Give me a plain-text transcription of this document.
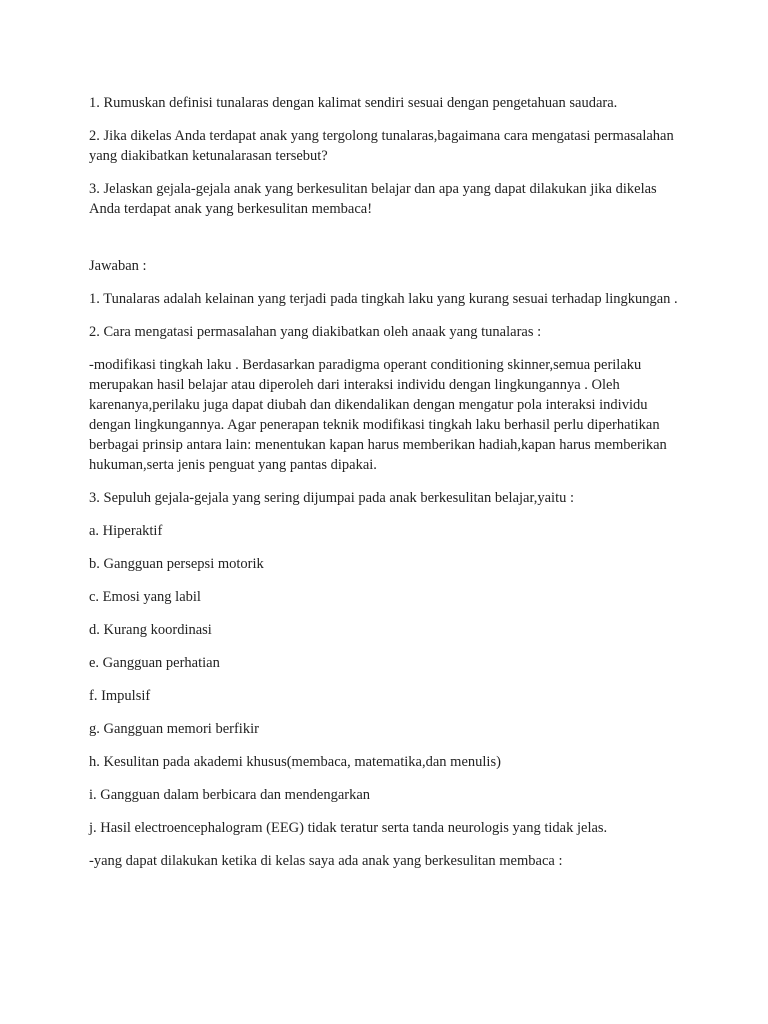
1. Rumuskan definisi tunalaras dengan kalimat sendiri sesuai dengan pengetahuan saudara.

2. Jika dikelas Anda terdapat anak yang tergolong tunalaras,bagaimana cara mengatasi permasalahan yang diakibatkan ketunalarasan tersebut?

3. Jelaskan gejala-gejala anak yang berkesulitan belajar dan apa yang dapat dilakukan jika dikelas Anda terdapat anak yang berkesulitan membaca!

Jawaban :

1. Tunalaras adalah kelainan yang terjadi pada tingkah laku yang kurang sesuai terhadap lingkungan .

2. Cara mengatasi permasalahan yang diakibatkan oleh anaak yang tunalaras :

-modifikasi tingkah laku . Berdasarkan paradigma operant conditioning skinner,semua perilaku merupakan hasil belajar atau diperoleh dari interaksi individu dengan lingkungannya . Oleh karenanya,perilaku juga dapat diubah dan dikendalikan dengan mengatur pola interaksi individu dengan lingkungannya. Agar penerapan teknik modifikasi tingkah laku berhasil perlu diperhatikan berbagai prinsip antara lain: menentukan kapan harus memberikan hadiah,kapan harus memberikan hukuman,serta jenis penguat yang pantas dipakai.

3. Sepuluh gejala-gejala yang sering dijumpai pada anak berkesulitan belajar,yaitu :

a. Hiperaktif

b. Gangguan persepsi motorik

c. Emosi yang labil

d. Kurang koordinasi

e. Gangguan perhatian

f. Impulsif

g. Gangguan memori berfikir

h. Kesulitan pada akademi khusus(membaca, matematika,dan menulis)

i. Gangguan dalam berbicara dan mendengarkan

j. Hasil electroencephalogram (EEG) tidak teratur serta tanda neurologis yang tidak jelas.

-yang dapat dilakukan ketika di kelas saya ada anak yang berkesulitan membaca :
